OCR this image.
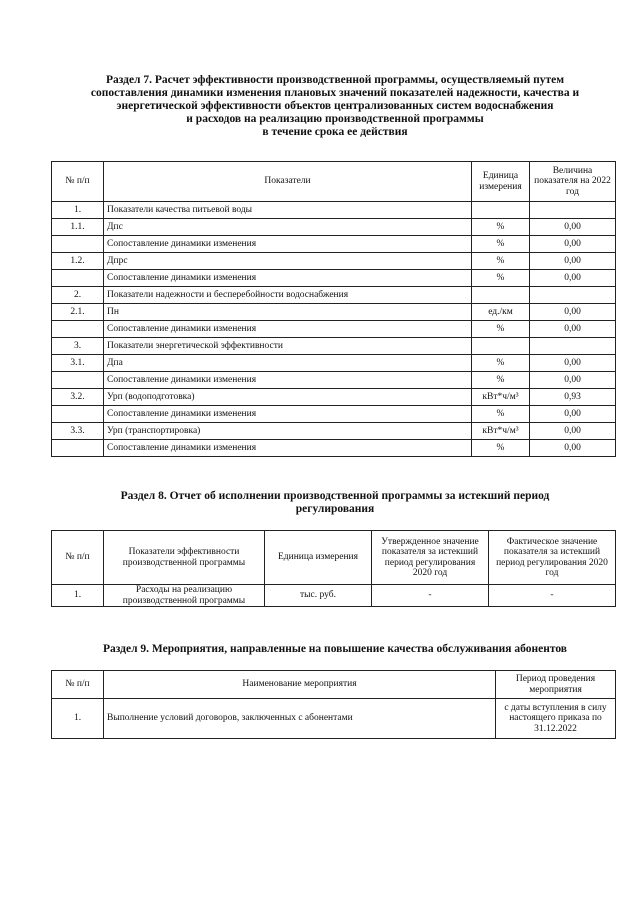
Раздел 7. Расчет эффективности производственной программы, осуществляемый путем
сопоставления динамики изменения плановых значений показателей надежности, качества и
энергетической эффективности объектов централизованных систем водоснабжения
и расходов на реализацию производственной программы
в течение срока ее действия
№ п/п	Показатели	Единица измерения	Величина показателя на 2022 год
1.	Показатели качества питьевой воды		
1.1.	Дпс	%	0,00
	Сопоставление динамики изменения	%	0,00
1.2.	Дпрс	%	0,00
	Сопоставление динамики изменения	%	0,00
2.	Показатели надежности и бесперебойности водоснабжения		
2.1.	Пн	ед./км	0,00
	Сопоставление динамики изменения	%	0,00
3.	Показатели энергетической эффективности		
3.1.	Дпа	%	0,00
	Сопоставление динамики изменения	%	0,00
3.2.	Урп (водоподготовка)	кВт*ч/м³	0,93
	Сопоставление динамики изменения	%	0,00
3.3.	Урп (транспортировка)	кВт*ч/м³	0,00
	Сопоставление динамики изменения	%	0,00
Раздел 8. Отчет об исполнении производственной программы за истекший период
регулирования
№ п/п	Показатели эффективности производственной программы	Единица измерения	Утвержденное значение показателя за истекший период регулирования 2020 год	Фактическое значение показателя за истекший период регулирования 2020 год
1.	Расходы на реализацию производственной программы	тыс. руб.	-	-
Раздел 9. Мероприятия, направленные на повышение качества обслуживания абонентов
№ п/п	Наименование мероприятия	Период проведения мероприятия
1.	Выполнение условий договоров, заключенных с абонентами	с даты вступления в силу настоящего приказа по 31.12.2022
